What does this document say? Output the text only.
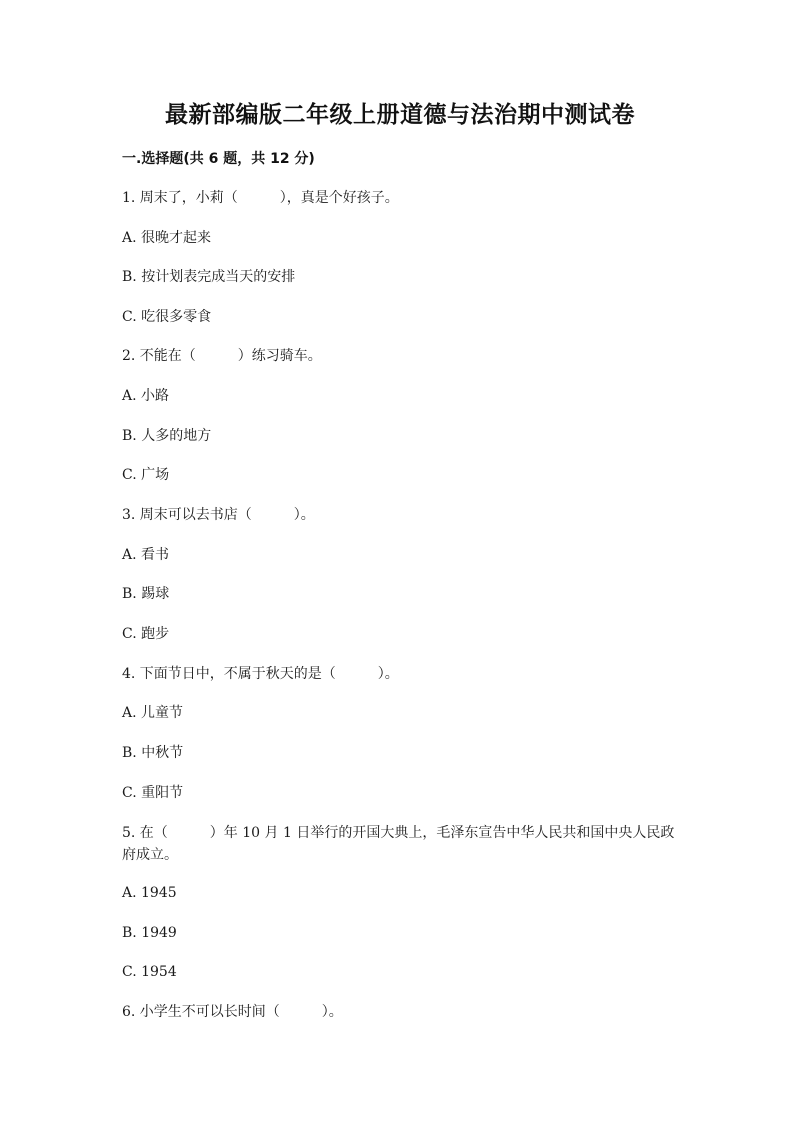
最新部编版二年级上册道德与法治期中测试卷
一.选择题(共 6 题，共 12 分)
1. 周末了，小莉（　　　），真是个好孩子。
A. 很晚才起来
B. 按计划表完成当天的安排
C. 吃很多零食
2. 不能在（　　　）练习骑车。
A. 小路
B. 人多的地方
C. 广场
3. 周末可以去书店（　　　）。
A. 看书
B. 踢球
C. 跑步
4. 下面节日中，不属于秋天的是（　　　）。
A. 儿童节
B. 中秋节
C. 重阳节
5. 在（　　　）年 10 月 1 日举行的开国大典上，毛泽东宣告中华人民共和国中央人民政府成立。
A. 1945
B. 1949
C. 1954
6. 小学生不可以长时间（　　　）。
